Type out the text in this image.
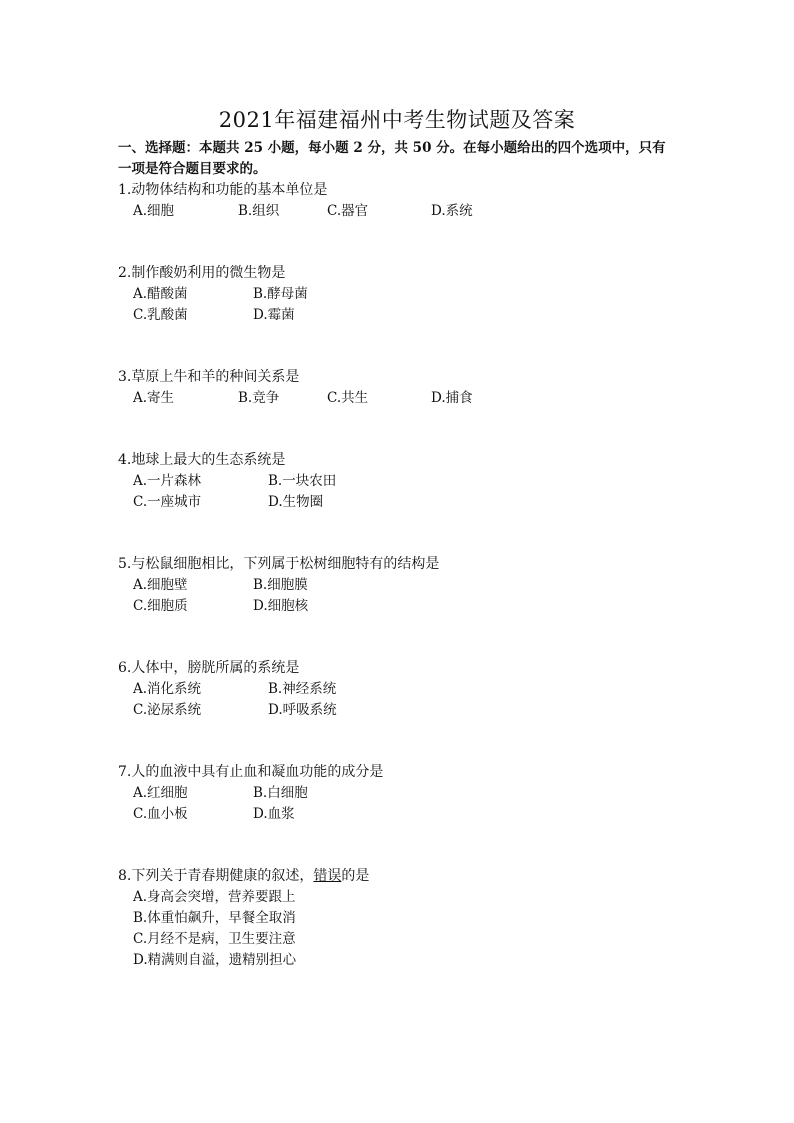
2021年福建福州中考生物试题及答案
一、选择题：本题共 25 小题，每小题 2 分，共 50 分。在每小题给出的四个选项中，只有一项是符合题目要求的。
1.动物体结构和功能的基本单位是
A.细胞	B.组织	C.器官	D.系统
2.制作酸奶利用的微生物是
A.醋酸菌	B.酵母菌
C.乳酸菌	D.霉菌
3.草原上牛和羊的种间关系是
A.寄生	B.竞争	C.共生	D.捕食
4.地球上最大的生态系统是
A.一片森林	B.一块农田
C.一座城市	D.生物圈
5.与松鼠细胞相比，下列属于松树细胞特有的结构是
A.细胞壁	B.细胞膜
C.细胞质	D.细胞核
6.人体中，膀胱所属的系统是
A.消化系统	B.神经系统
C.泌尿系统	D.呼吸系统
7.人的血液中具有止血和凝血功能的成分是
A.红细胞	B.白细胞
C.血小板	D.血浆
8.下列关于青春期健康的叙述，错误的是
A.身高会突增，营养要跟上
B.体重怕飙升，早餐全取消
C.月经不是病，卫生要注意
D.精满则自溢，遗精别担心
